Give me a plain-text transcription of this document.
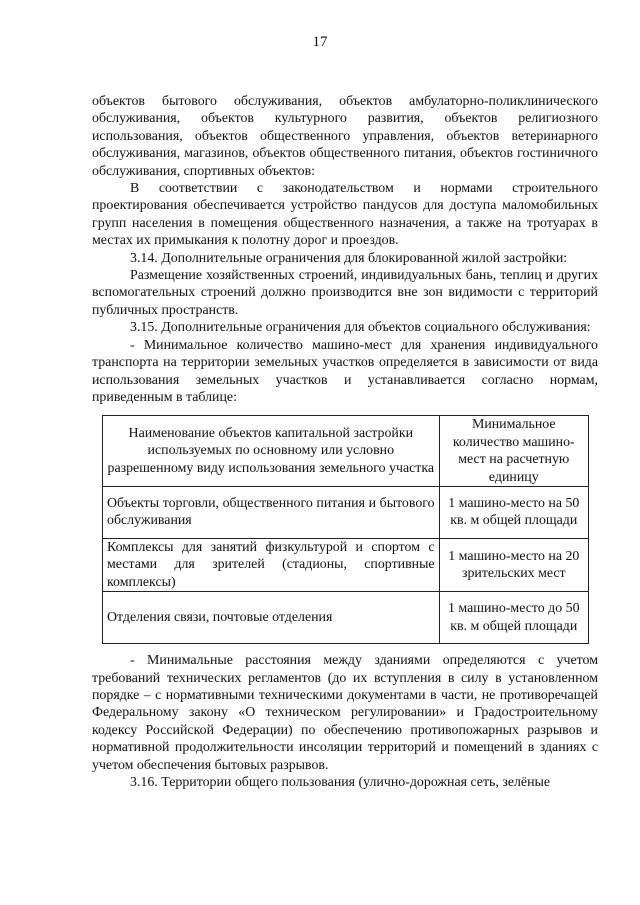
17

объектов бытового обслуживания, объектов амбулаторно-поликлинического обслуживания, объектов культурного развития, объектов религиозного использования, объектов общественного управления, объектов ветеринарного обслуживания, магазинов, объектов общественного питания, объектов гостиничного обслуживания, спортивных объектов:

В соответствии с законодательством и нормами строительного проектирования обеспечивается устройство пандусов для доступа маломобильных групп населения в помещения общественного назначения, а также на тротуарах в местах их примыкания к полотну дорог и проездов.

3.14. Дополнительные ограничения для блокированной жилой застройки:

Размещение хозяйственных строений, индивидуальных бань, теплиц и других вспомогательных строений должно производится вне зон видимости с территорий публичных пространств.

3.15. Дополнительные ограничения для объектов социального обслуживания:

- Минимальное количество машино-мест для хранения индивидуального транспорта на территории земельных участков определяется в зависимости от вида использования земельных участков и устанавливается согласно нормам, приведенным в таблице:

Наименование объектов капитальной застройки используемых по основному или условно разрешенному виду использования земельного участка	Минимальное количество машино-мест на расчетную единицу
Объекты торговли, общественного питания и бытового обслуживания	1 машино-место на 50 кв. м общей площади
Комплексы для занятий физкультурой и спортом с местами для зрителей (стадионы, спортивные комплексы)	1 машино-место на 20 зрительских мест
Отделения связи, почтовые отделения	1 машино-место до 50 кв. м общей площади

- Минимальные расстояния между зданиями определяются с учетом требований технических регламентов (до их вступления в силу в установленном порядке – с нормативными техническими документами в части, не противоречащей Федеральному закону «О техническом регулировании» и Градостроительному кодексу Российской Федерации) по обеспечению противопожарных разрывов и нормативной продолжительности инсоляции территорий и помещений в зданиях с учетом обеспечения бытовых разрывов.

3.16. Территории общего пользования (улично-дорожная сеть, зелёные
